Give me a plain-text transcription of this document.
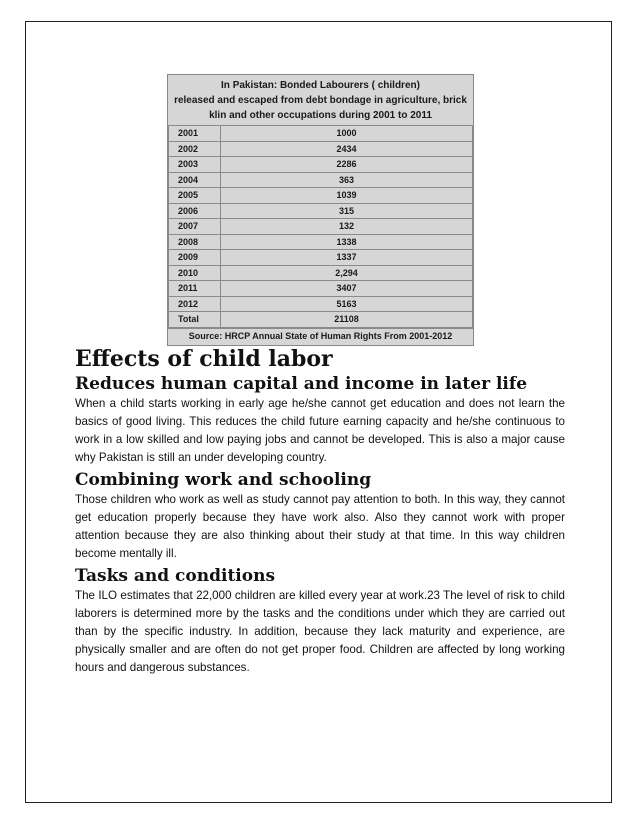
In Pakistan: Bonded Labourers ( children)
released and escaped from debt bondage in agriculture, brick
klin and other occupations during 2001 to 2011
2001	1000
2002	2434
2003	2286
2004	363
2005	1039
2006	315
2007	132
2008	1338
2009	1337
2010	2,294
2011	3407
2012	5163
Total	21108
Source: HRCP Annual State of Human Rights From 2001-2012
Effects of child labor
Reduces human capital and income in later life

When a child starts working in early age he/she cannot get education and does not learn the basics of good living. This reduces the child future earning capacity and he/she continuous to work in a low skilled and low paying jobs and cannot be developed. This is also a major cause why Pakistan is still an under developing country.

Combining work and schooling

Those children who work as well as study cannot pay attention to both. In this way, they cannot get education properly because they have work also. Also they cannot work with proper attention because they are also thinking about their study at that time. In this way children become mentally ill.

Tasks and conditions

The ILO estimates that 22,000 children are killed every year at work.23 The level of risk to child laborers is determined more by the tasks and the conditions under which they are carried out than by the specific industry. In addition, because they lack maturity and experience, are physically smaller and are often do not get proper food. Children are affected by long working hours and dangerous substances.
